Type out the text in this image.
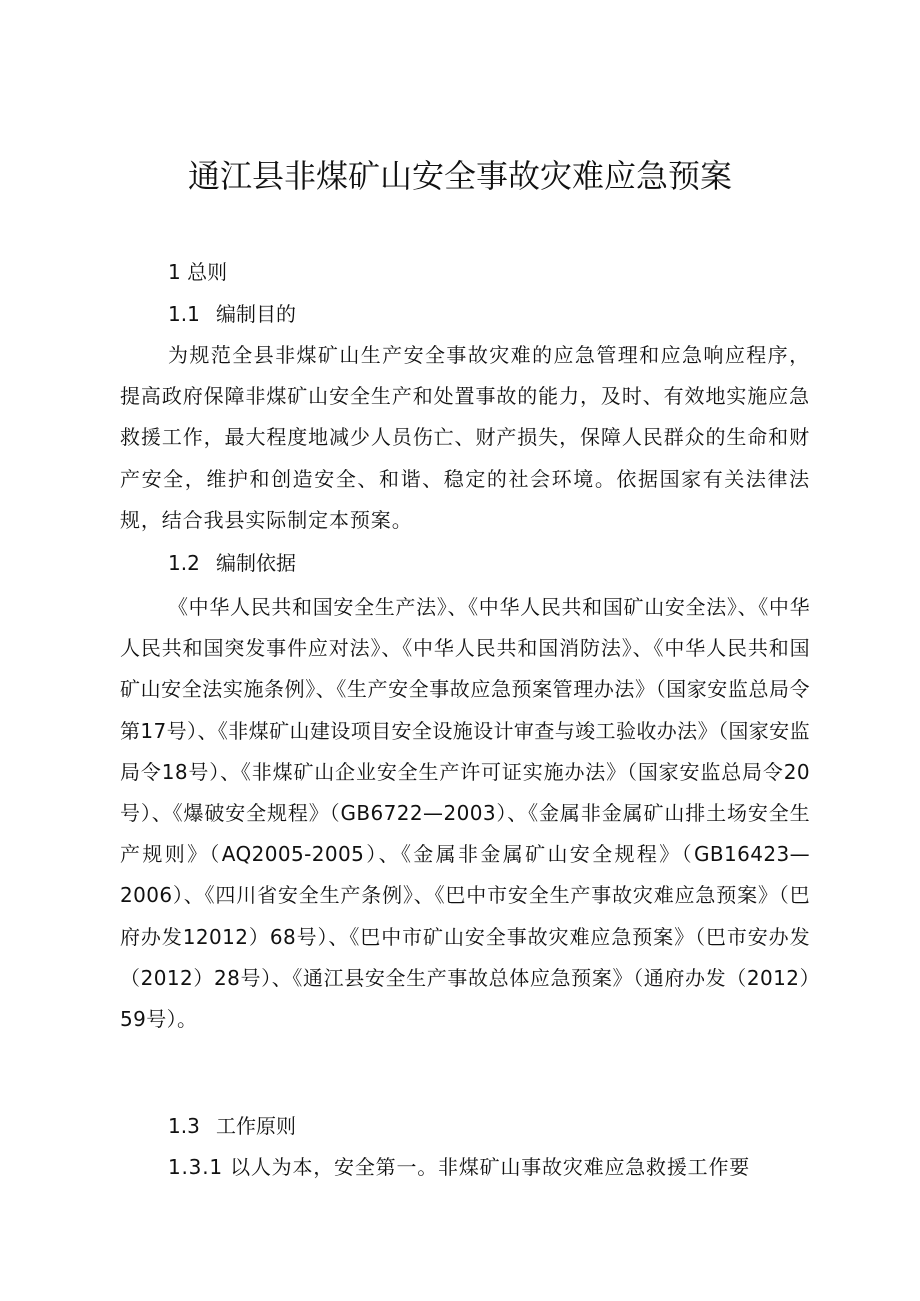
通江县非煤矿山安全事故灾难应急预案

1 总则

1.1 编制目的

为规范全县非煤矿山生产安全事故灾难的应急管理和应急响应程序，提高政府保障非煤矿山安全生产和处置事故的能力，及时、有效地实施应急救援工作，最大程度地减少人员伤亡、财产损失，保障人民群众的生命和财产安全，维护和创造安全、和谐、稳定的社会环境。依据国家有关法律法规，结合我县实际制定本预案。

1.2 编制依据

《中华人民共和国安全生产法》、《中华人民共和国矿山安全法》、《中华人民共和国突发事件应对法》、《中华人民共和国消防法》、《中华人民共和国矿山安全法实施条例》、《生产安全事故应急预案管理办法》（国家安监总局令第17号）、《非煤矿山建设项目安全设施设计审查与竣工验收办法》（国家安监局令18号）、《非煤矿山企业安全生产许可证实施办法》（国家安监总局令20号）、《爆破安全规程》（GB6722—2003）、《金属非金属矿山排土场安全生产规则》（AQ2005-2005）、《金属非金属矿山安全规程》（GB16423—2006）、《四川省安全生产条例》、《巴中市安全生产事故灾难应急预案》（巴府办发12012）68号）、《巴中市矿山安全事故灾难应急预案》（巴市安办发（2012）28号）、《通江县安全生产事故总体应急预案》（通府办发（2012）59号）。

1.3 工作原则

1.3.1 以人为本，安全第一。非煤矿山事故灾难应急救援工作要
